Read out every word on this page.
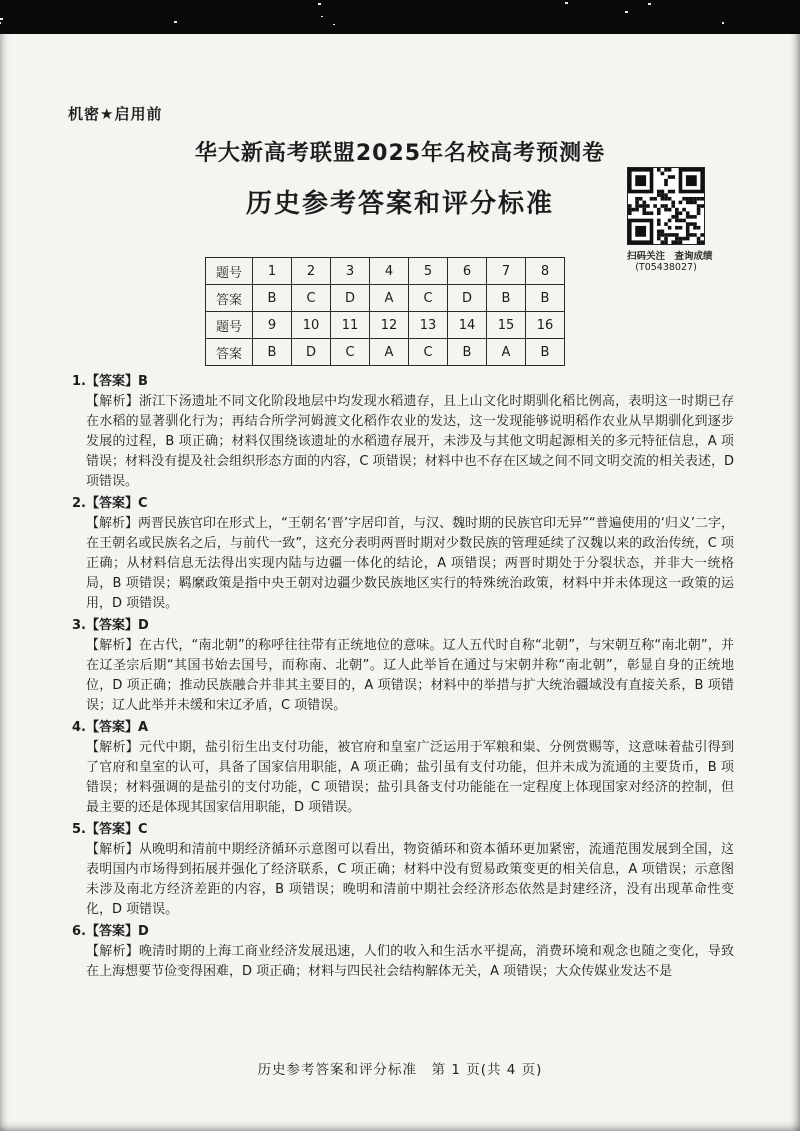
机密★启用前
华大新高考联盟2025年名校高考预测卷
历史参考答案和评分标准
扫码关注　查询成绩
(T05438027)
题号	1	2	3	4	5	6	7	8
答案	B	C	D	A	C	D	B	B
题号	9	10	11	12	13	14	15	16
答案	B	D	C	A	C	B	A	B
1.【答案】B

【解析】浙江下汤遗址不同文化阶段地层中均发现水稻遗存，且上山文化时期驯化稻比例高，表明这一时期已存在水稻的显著驯化行为；再结合所学河姆渡文化稻作农业的发达，这一发现能够说明稻作农业从早期驯化到逐步发展的过程，B 项正确；材料仅围绕该遗址的水稻遗存展开，未涉及与其他文明起源相关的多元特征信息，A 项错误；材料没有提及社会组织形态方面的内容，C 项错误；材料中也不存在区域之间不同文明交流的相关表述，D 项错误。

2.【答案】C

【解析】两晋民族官印在形式上，“王朝名‘晋’字居印首，与汉、魏时期的民族官印无异”“普遍使用的‘归义’二字，在王朝名或民族名之后，与前代一致”，这充分表明两晋时期对少数民族的管理延续了汉魏以来的政治传统，C 项正确；从材料信息无法得出实现内陆与边疆一体化的结论，A 项错误；两晋时期处于分裂状态，并非大一统格局，B 项错误；羁縻政策是指中央王朝对边疆少数民族地区实行的特殊统治政策，材料中并未体现这一政策的运用，D 项错误。

3.【答案】D

【解析】在古代，“南北朝”的称呼往往带有正统地位的意味。辽人五代时自称“北朝”，与宋朝互称“南北朝”，并在辽圣宗后期“其国书始去国号，而称南、北朝”。辽人此举旨在通过与宋朝并称“南北朝”，彰显自身的正统地位，D 项正确；推动民族融合并非其主要目的，A 项错误；材料中的举措与扩大统治疆域没有直接关系，B 项错误；辽人此举并未缓和宋辽矛盾，C 项错误。

4.【答案】A

【解析】元代中期，盐引衍生出支付功能，被官府和皇室广泛运用于军粮和粜、分例赏赐等，这意味着盐引得到了官府和皇室的认可，具备了国家信用职能，A 项正确；盐引虽有支付功能，但并未成为流通的主要货币，B 项错误；材料强调的是盐引的支付功能，C 项错误；盐引具备支付功能能在一定程度上体现国家对经济的控制，但最主要的还是体现其国家信用职能，D 项错误。

5.【答案】C

【解析】从晚明和清前中期经济循环示意图可以看出，物资循环和资本循环更加紧密，流通范围发展到全国，这表明国内市场得到拓展并强化了经济联系，C 项正确；材料中没有贸易政策变更的相关信息，A 项错误；示意图未涉及南北方经济差距的内容，B 项错误；晚明和清前中期社会经济形态依然是封建经济，没有出现革命性变化，D 项错误。

6.【答案】D

【解析】晚清时期的上海工商业经济发展迅速，人们的收入和生活水平提高，消费环境和观念也随之变化，导致在上海想要节俭变得困难，D 项正确；材料与四民社会结构解体无关，A 项错误；大众传媒业发达不是

历史参考答案和评分标准　第 1 页(共 4 页)
